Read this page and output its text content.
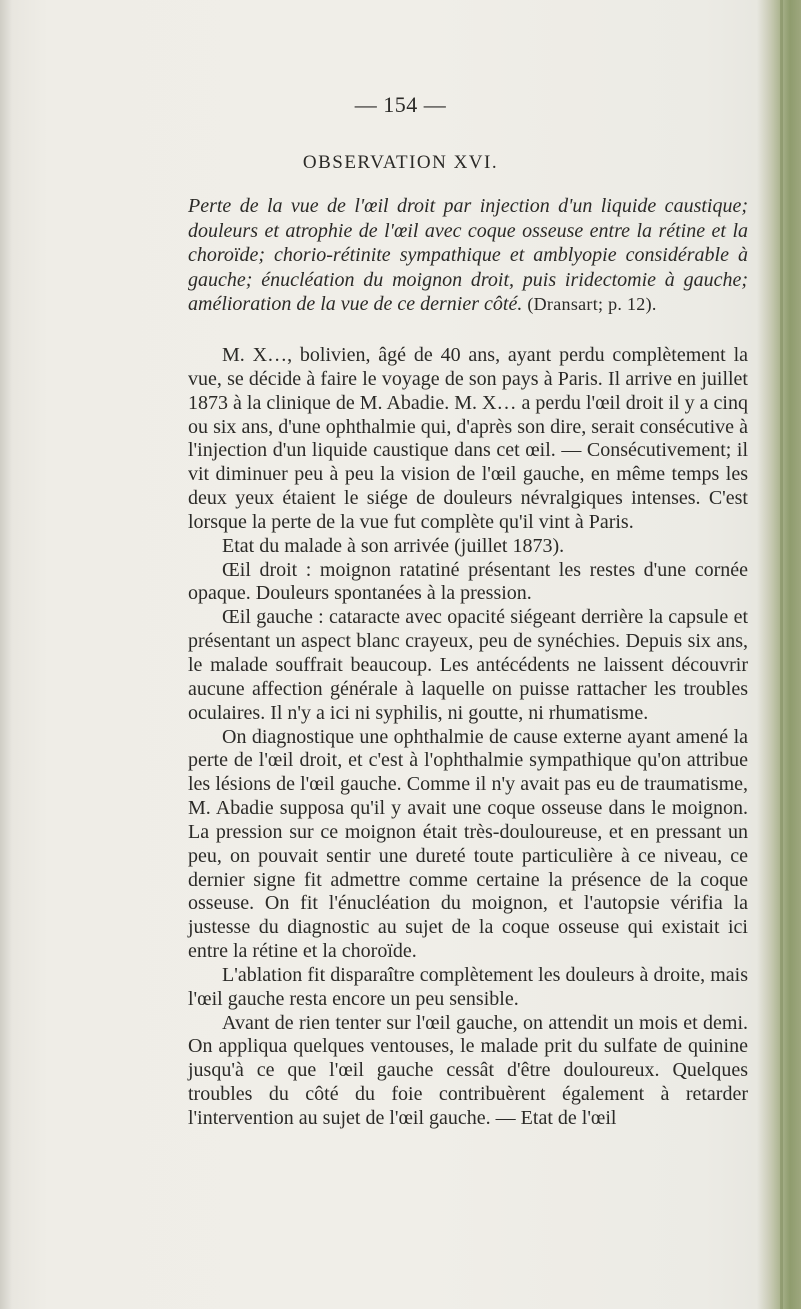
— 154 —
OBSERVATION XVI.

Perte de la vue de l'œil droit par injection d'un liquide caustique; douleurs et atrophie de l'œil avec coque osseuse entre la rétine et la choroïde; chorio-rétinite sympathique et amblyopie considérable à gauche; énucléation du moignon droit, puis iridectomie à gauche; amélioration de la vue de ce dernier côté. (Dransart; p. 12).

M. X…, bolivien, âgé de 40 ans, ayant perdu complètement la vue, se décide à faire le voyage de son pays à Paris. Il arrive en juillet 1873 à la clinique de M. Abadie. M. X… a perdu l'œil droit il y a cinq ou six ans, d'une ophthalmie qui, d'après son dire, serait consécutive à l'injection d'un liquide caustique dans cet œil. — Consécutivement; il vit diminuer peu à peu la vision de l'œil gauche, en même temps les deux yeux étaient le siége de douleurs névralgiques intenses. C'est lorsque la perte de la vue fut complète qu'il vint à Paris.

Etat du malade à son arrivée (juillet 1873).

Œil droit : moignon ratatiné présentant les restes d'une cornée opaque. Douleurs spontanées à la pression.

Œil gauche : cataracte avec opacité siégeant derrière la capsule et présentant un aspect blanc crayeux, peu de synéchies. Depuis six ans, le malade souffrait beaucoup. Les antécédents ne laissent découvrir aucune affection générale à laquelle on puisse rattacher les troubles oculaires. Il n'y a ici ni syphilis, ni goutte, ni rhumatisme.

On diagnostique une ophthalmie de cause externe ayant amené la perte de l'œil droit, et c'est à l'ophthalmie sympathique qu'on attribue les lésions de l'œil gauche. Comme il n'y avait pas eu de traumatisme, M. Abadie supposa qu'il y avait une coque osseuse dans le moignon. La pression sur ce moignon était très-douloureuse, et en pressant un peu, on pouvait sentir une dureté toute particulière à ce niveau, ce dernier signe fit admettre comme certaine la présence de la coque osseuse. On fit l'énucléation du moignon, et l'autopsie vérifia la justesse du diagnostic au sujet de la coque osseuse qui existait ici entre la rétine et la choroïde.

L'ablation fit disparaître complètement les douleurs à droite, mais l'œil gauche resta encore un peu sensible.

Avant de rien tenter sur l'œil gauche, on attendit un mois et demi. On appliqua quelques ventouses, le malade prit du sulfate de quinine jusqu'à ce que l'œil gauche cessât d'être douloureux. Quelques troubles du côté du foie contribuèrent également à retarder l'intervention au sujet de l'œil gauche. — Etat de l'œil
